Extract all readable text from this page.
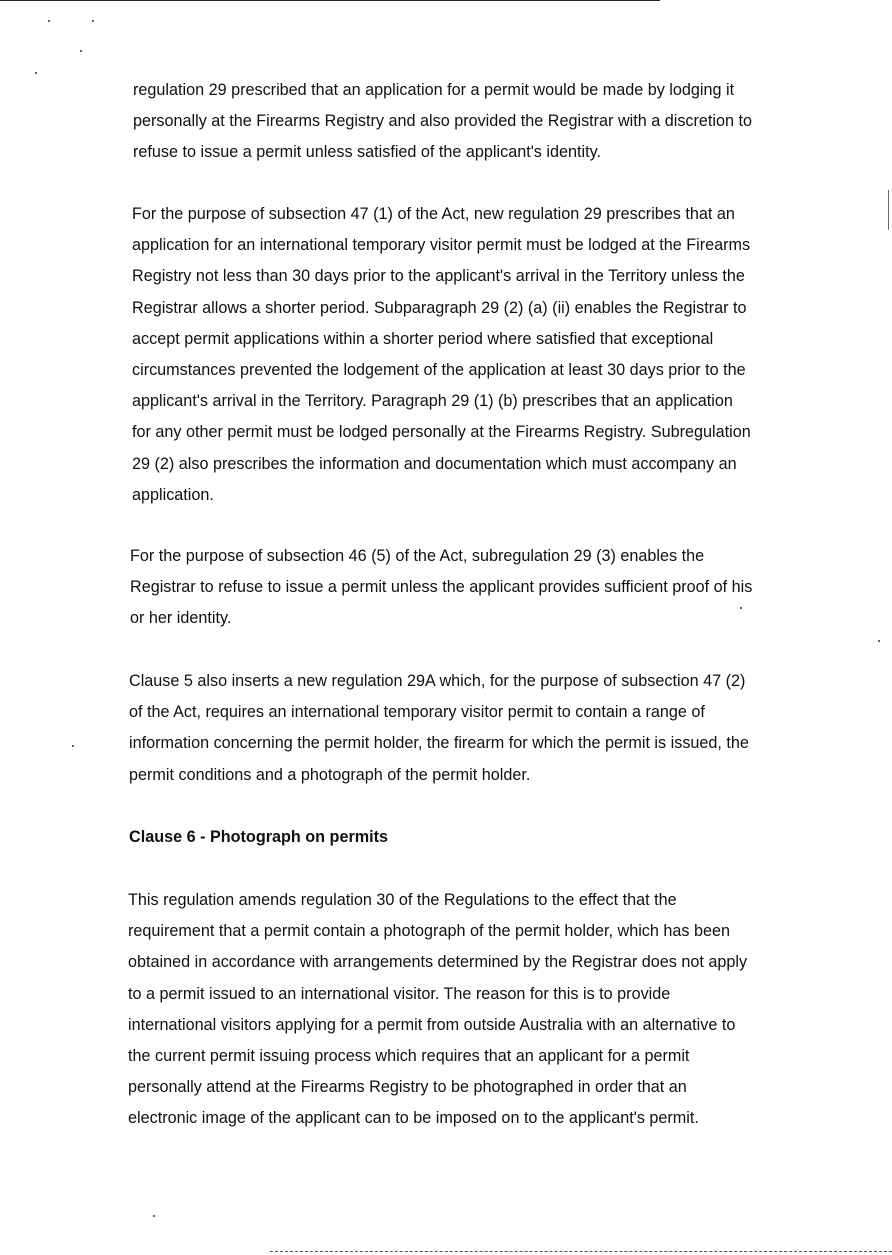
regulation 29 prescribed that an application for a permit would be made by lodging it
personally at the Firearms Registry and also provided the Registrar with a discretion to
refuse to issue a permit unless satisfied of the applicant's identity.

For the purpose of subsection 47 (1) of the Act, new regulation 29 prescribes that an
application for an international temporary visitor permit must be lodged at the Firearms
Registry not less than 30 days prior to the applicant's arrival in the Territory unless the
Registrar allows a shorter period. Subparagraph 29 (2) (a) (ii) enables the Registrar to
accept permit applications within a shorter period where satisfied that exceptional
circumstances prevented the lodgement of the application at least 30 days prior to the
applicant's arrival in the Territory. Paragraph 29 (1) (b) prescribes that an application
for any other permit must be lodged personally at the Firearms Registry. Subregulation
29 (2) also prescribes the information and documentation which must accompany an
application.

For the purpose of subsection 46 (5) of the Act, subregulation 29 (3) enables the
Registrar to refuse to issue a permit unless the applicant provides sufficient proof of his
or her identity.

Clause 5 also inserts a new regulation 29A which, for the purpose of subsection 47 (2)
of the Act, requires an international temporary visitor permit to contain a range of
information concerning the permit holder, the firearm for which the permit is issued, the
permit conditions and a photograph of the permit holder.

Clause 6 - Photograph on permits

This regulation amends regulation 30 of the Regulations to the effect that the
requirement that a permit contain a photograph of the permit holder, which has been
obtained in accordance with arrangements determined by the Registrar does not apply
to a permit issued to an international visitor. The reason for this is to provide
international visitors applying for a permit from outside Australia with an alternative to
the current permit issuing process which requires that an applicant for a permit
personally attend at the Firearms Registry to be photographed in order that an
electronic image of the applicant can to be imposed on to the applicant's permit.
